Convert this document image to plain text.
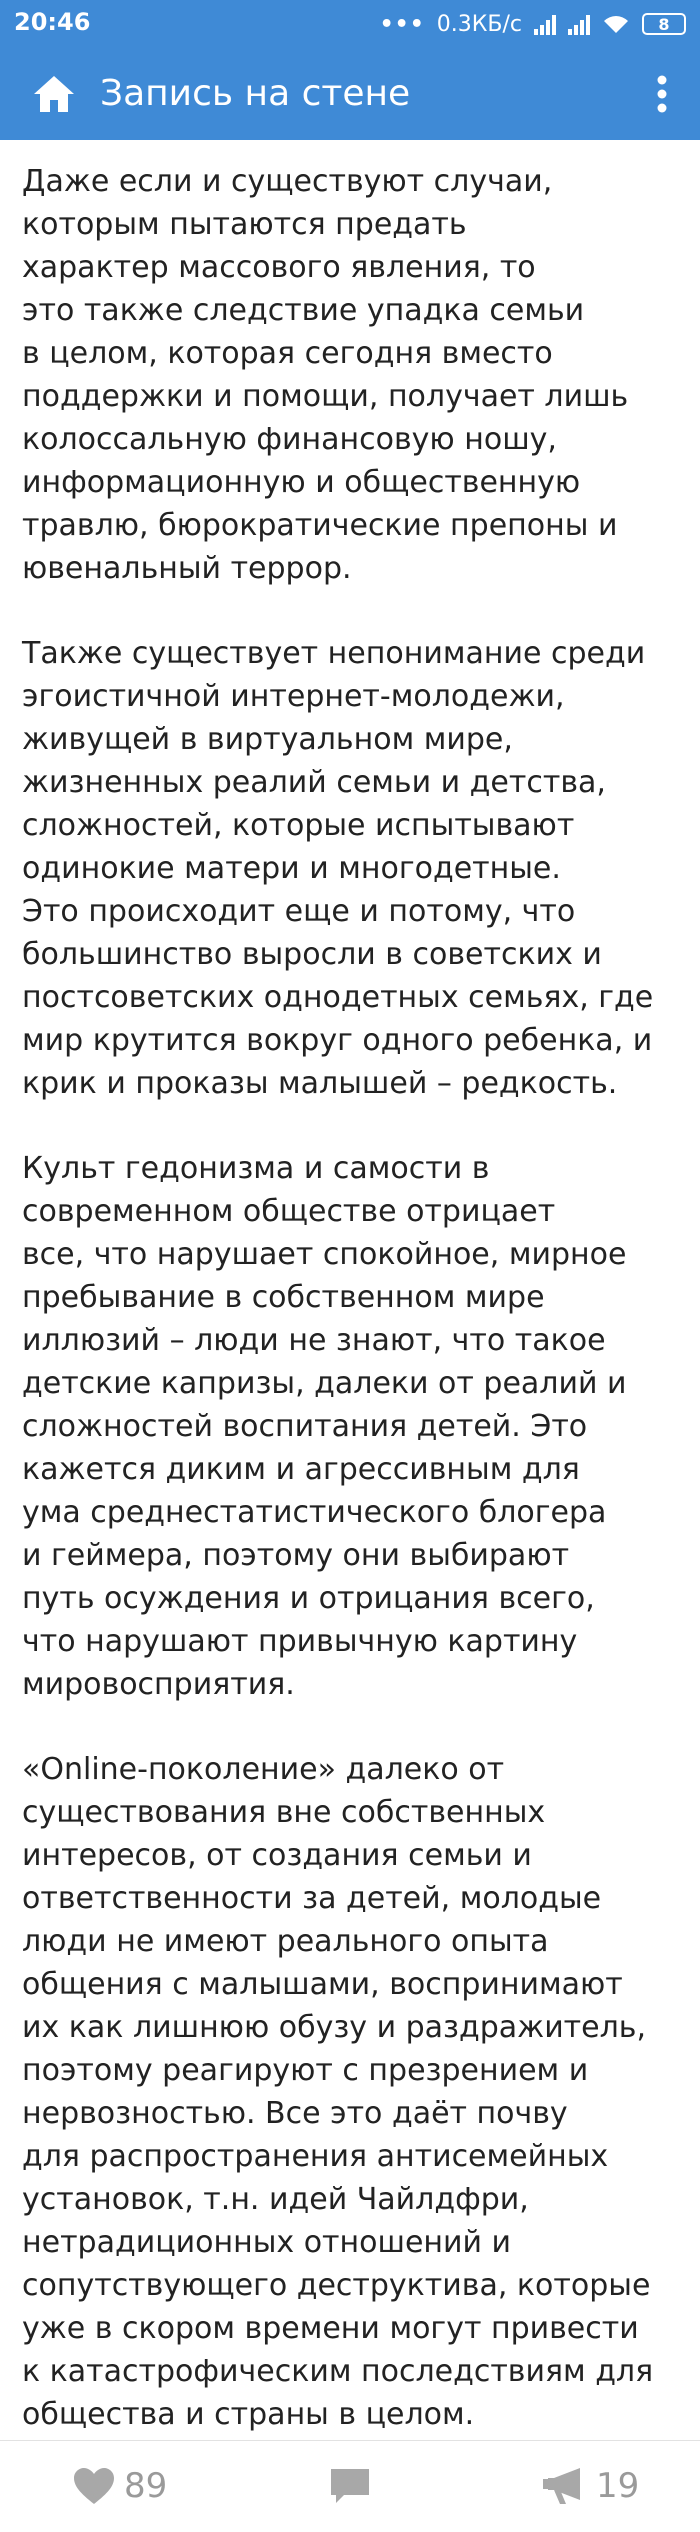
20:46	••• 0.3КБ/с	8
Запись на стене

Даже если и существуют случаи,
которым пытаются предать
характер массового явления, то
это также следствие упадка семьи
в целом, которая сегодня вместо
поддержки и помощи, получает лишь
колоссальную финансовую ношу,
информационную и общественную
травлю, бюрократические препоны и
ювенальный террор.

Также существует непонимание среди
эгоистичной интернет-молодежи,
живущей в виртуальном мире,
жизненных реалий семьи и детства,
сложностей, которые испытывают
одинокие матери и многодетные.
Это происходит еще и потому, что
большинство выросли в советских и
постсоветских однодетных семьях, где
мир крутится вокруг одного ребенка, и
крик и проказы малышей – редкость.

Культ гедонизма и самости в
современном обществе отрицает
все, что нарушает спокойное, мирное
пребывание в собственном мире
иллюзий – люди не знают, что такое
детские капризы, далеки от реалий и
сложностей воспитания детей. Это
кажется диким и агрессивным для
ума среднестатистического блогера
и геймера, поэтому они выбирают
путь осуждения и отрицания всего,
что нарушают привычную картину
мировосприятия.

«Online-поколение» далеко от
существования вне собственных
интересов, от создания семьи и
ответственности за детей, молодые
люди не имеют реального опыта
общения с малышами, воспринимают
их как лишнюю обузу и раздражитель,
поэтому реагируют с презрением и
нервозностью. Все это даёт почву
для распространения антисемейных
установок, т.н. идей Чайлдфри,
нетрадиционных отношений и
сопутствующего деструктива, которые
уже в скором времени могут привести
к катастрофическим последствиям для
общества и страны в целом.

89	19
